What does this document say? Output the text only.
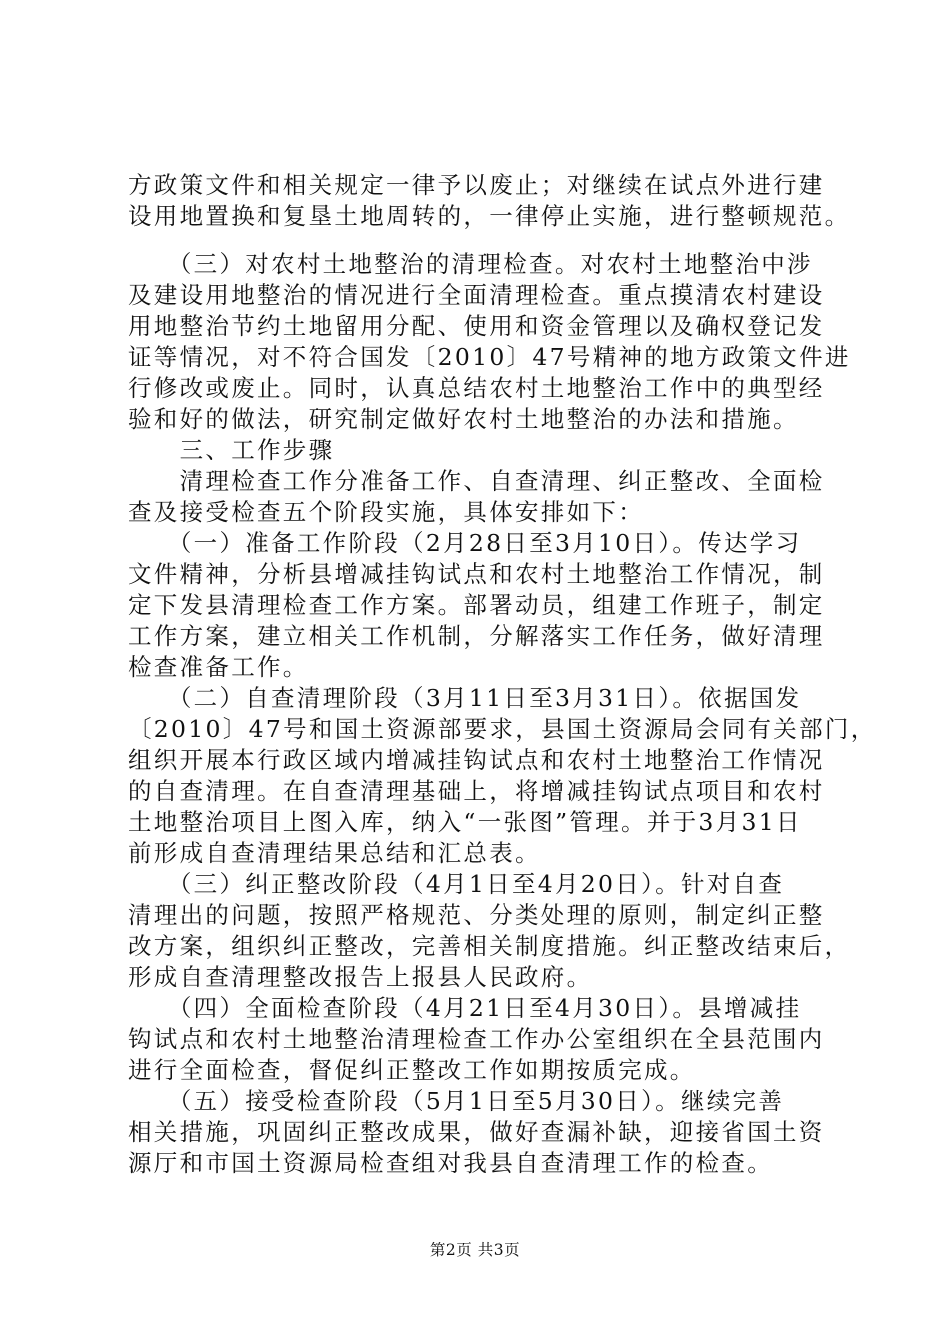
方政策文件和相关规定一律予以废止；对继续在试点外进行建
设用地置换和复垦土地周转的，一律停止实施，进行整顿规范。
　　（三）对农村土地整治的清理检查。对农村土地整治中涉
及建设用地整治的情况进行全面清理检查。重点摸清农村建设
用地整治节约土地留用分配、使用和资金管理以及确权登记发
证等情况，对不符合国发〔2010〕47号精神的地方政策文件进
行修改或废止。同时，认真总结农村土地整治工作中的典型经
验和好的做法，研究制定做好农村土地整治的办法和措施。
　　三、工作步骤
　　清理检查工作分准备工作、自查清理、纠正整改、全面检
查及接受检查五个阶段实施，具体安排如下：
　　（一）准备工作阶段（2月28日至3月10日）。传达学习
文件精神，分析县增减挂钩试点和农村土地整治工作情况，制
定下发县清理检查工作方案。部署动员，组建工作班子，制定
工作方案，建立相关工作机制，分解落实工作任务，做好清理
检查准备工作。
　　（二）自查清理阶段（3月11日至3月31日）。依据国发
〔2010〕47号和国土资源部要求，县国土资源局会同有关部门，
组织开展本行政区域内增减挂钩试点和农村土地整治工作情况
的自查清理。在自查清理基础上，将增减挂钩试点项目和农村
土地整治项目上图入库，纳入“一张图”管理。并于3月31日
前形成自查清理结果总结和汇总表。
　　（三）纠正整改阶段（4月1日至4月20日）。针对自查
清理出的问题，按照严格规范、分类处理的原则，制定纠正整
改方案，组织纠正整改，完善相关制度措施。纠正整改结束后，
形成自查清理整改报告上报县人民政府。
　　（四）全面检查阶段（4月21日至4月30日）。县增减挂
钩试点和农村土地整治清理检查工作办公室组织在全县范围内
进行全面检查，督促纠正整改工作如期按质完成。
　　（五）接受检查阶段（5月1日至5月30日）。继续完善
相关措施，巩固纠正整改成果，做好查漏补缺，迎接省国土资
源厅和市国土资源局检查组对我县自查清理工作的检查。
第2页 共3页
